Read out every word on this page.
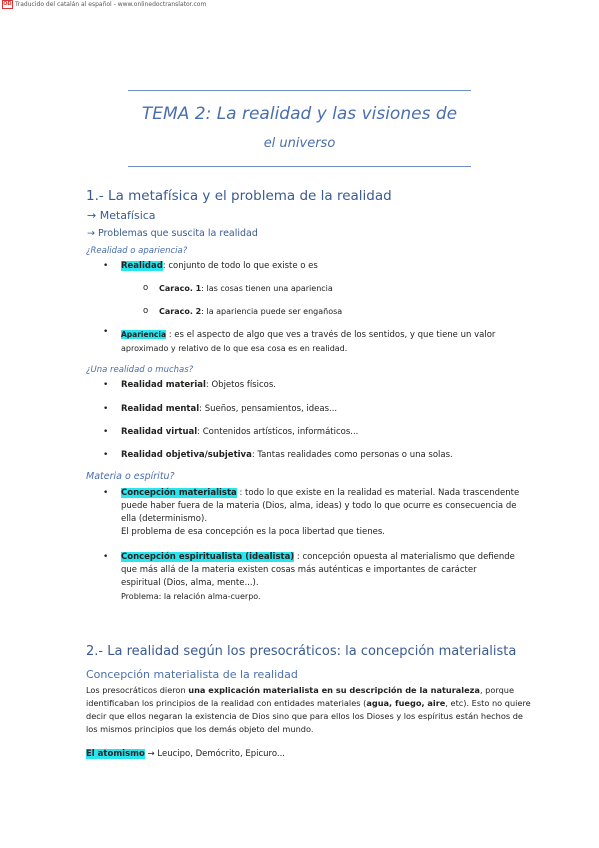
OD Traducido del catalán al español - www.onlinedoctranslator.com
TEMA 2: La realidad y las visiones de
el universo
1.- La metafísica y el problema de la realidad
→ Metafísica
→ Problemas que suscita la realidad
¿Realidad o apariencia?
• Realidad: conjunto de todo lo que existe o es
o Caraco. 1: las cosas tienen una apariencia
o Caraco. 2: la apariencia puede ser engañosa
• Apariencia : es el aspecto de algo que ves a través de los sentidos, y que tiene un valor
aproximado y relativo de lo que esa cosa es en realidad.
¿Una realidad o muchas?
• Realidad material: Objetos físicos.
• Realidad mental: Sueños, pensamientos, ideas...
• Realidad virtual: Contenidos artísticos, informáticos...
• Realidad objetiva/subjetiva: Tantas realidades como personas o una solas.
Materia o espíritu?
• Concepción materialista : todo lo que existe en la realidad es material. Nada trascendente
puede haber fuera de la materia (Dios, alma, ideas) y todo lo que ocurre es consecuencia de
ella (determinismo).
El problema de esa concepción es la poca libertad que tienes.
• Concepción espiritualista (idealista) : concepción opuesta al materialismo que defiende
que más allá de la materia existen cosas más auténticas e importantes de carácter
espiritual (Dios, alma, mente...).
Problema: la relación alma-cuerpo.
2.- La realidad según los presocráticos: la concepción materialista
Concepción materialista de la realidad
Los presocráticos dieron una explicación materialista en su descripción de la naturaleza, porque
identificaban los principios de la realidad con entidades materiales (agua, fuego, aire, etc). Esto no quiere
decir que ellos negaran la existencia de Dios sino que para ellos los Dioses y los espíritus están hechos de
los mismos principios que los demás objeto del mundo.
El atomismo → Leucipo, Demócrito, Epicuro...
